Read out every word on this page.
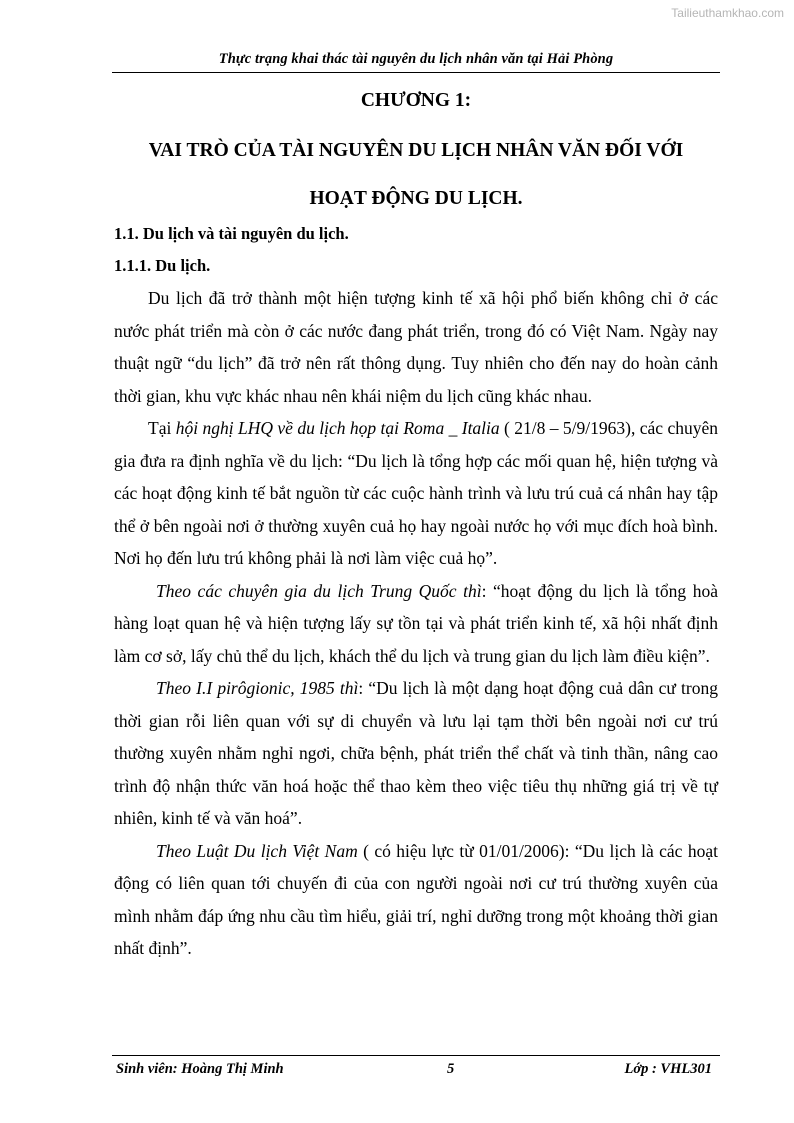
Tailieuthamkhao.com
Thực trạng khai thác tài nguyên du lịch nhân văn tại Hải Phòng

CHƯƠNG 1:

VAI TRÒ CỦA TÀI NGUYÊN DU LỊCH NHÂN VĂN ĐỐI VỚI

HOẠT ĐỘNG DU LỊCH.

1.1. Du lịch và tài nguyên du lịch.

1.1.1. Du lịch.

Du lịch đã trở thành một hiện tượng kinh tế xã hội phổ biến không chỉ ở các nước phát triển mà còn ở các nước đang phát triển, trong đó có Việt Nam. Ngày nay thuật ngữ “du lịch” đã trở nên rất thông dụng. Tuy nhiên cho đến nay do hoàn cảnh thời gian, khu vực khác nhau nên khái niệm du lịch cũng khác nhau.

Tại hội nghị LHQ về du lịch họp tại Roma _ Italia ( 21/8 – 5/9/1963), các chuyên gia đưa ra định nghĩa về du lịch: “Du lịch là tổng hợp các mối quan hệ, hiện tượng và các hoạt động kinh tế bắt nguồn từ các cuộc hành trình và lưu trú cuả cá nhân hay tập thể ở bên ngoài nơi ở thường xuyên cuả họ hay ngoài nước họ với mục đích hoà bình. Nơi họ đến lưu trú không phải là nơi làm việc cuả họ”.

Theo các chuyên gia du lịch Trung Quốc thì: “hoạt động du lịch là tổng hoà hàng loạt quan hệ và hiện tượng lấy sự tồn tại và phát triển kinh tế, xã hội nhất định làm cơ sở, lấy chủ thể du lịch, khách thể du lịch và trung gian du lịch làm điều kiện”.

Theo I.I pirôgionic, 1985 thì: “Du lịch là một dạng hoạt động cuả dân cư trong thời gian rỗi liên quan với sự di chuyển và lưu lại tạm thời bên ngoài nơi cư trú thường xuyên nhằm nghỉ ngơi, chữa bệnh, phát triển thể chất và tinh thần, nâng cao trình độ nhận thức văn hoá hoặc thể thao kèm theo việc tiêu thụ những giá trị về tự nhiên, kinh tế và văn hoá”.

Theo Luật Du lịch Việt Nam ( có hiệu lực từ 01/01/2006): “Du lịch là các hoạt động có liên quan tới chuyến đi của con người ngoài nơi cư trú thường xuyên của mình nhằm đáp ứng nhu cầu tìm hiểu, giải trí, nghỉ dưỡng trong một khoảng thời gian nhất định”.

Sinh viên: Hoàng Thị Minh	5	Lớp : VHL301
